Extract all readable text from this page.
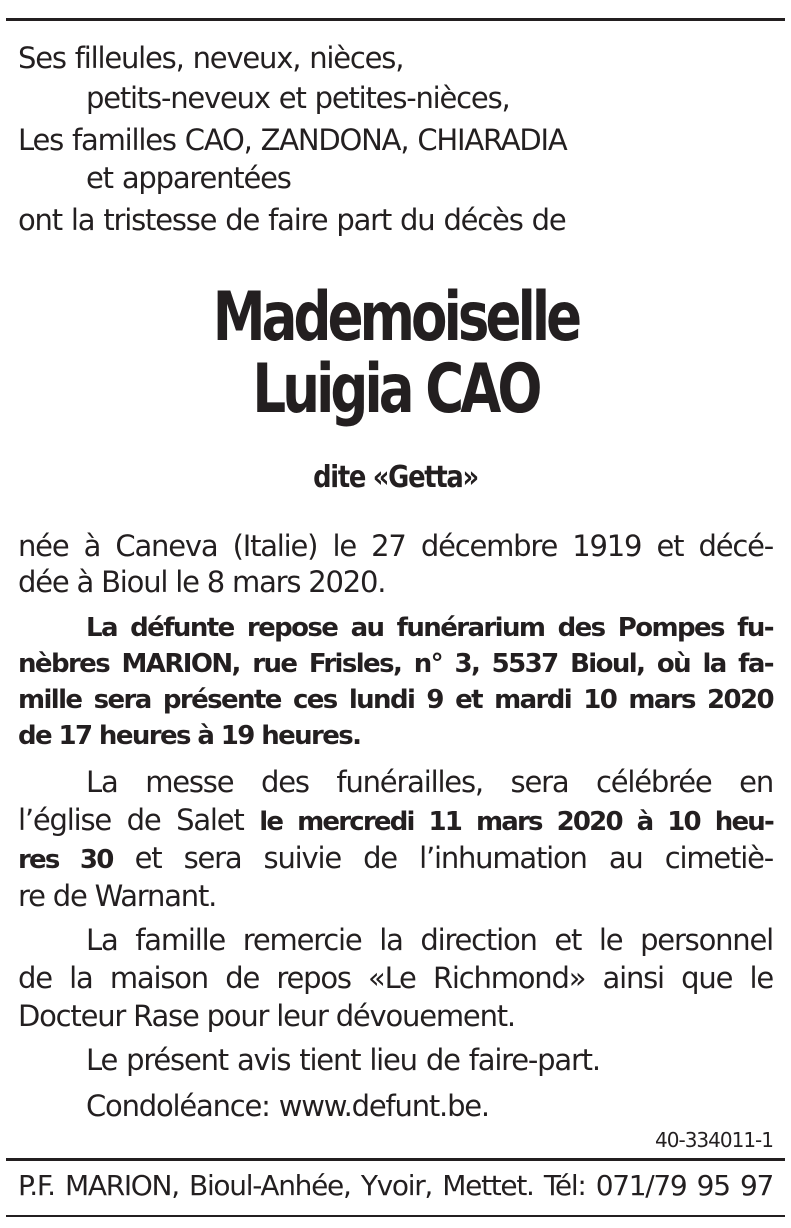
Ses filleules, neveux, nièces,
petits-neveux et petites-nièces,
Les familles CAO, ZANDONA, CHIARADIA
et apparentées
ont la tristesse de faire part du décès de
Mademoiselle
Luigia CAO
dite «Getta»
née à Caneva (Italie) le 27 décembre 1919 et décé-
dée à Bioul le 8 mars 2020.
La défunte repose au funérarium des Pompes fu-
nèbres MARION, rue Frisles, n° 3, 5537 Bioul, où la fa-
mille sera présente ces lundi 9 et mardi 10 mars 2020
de 17 heures à 19 heures.
La messe des funérailles, sera célébrée en
l’église de Salet le mercredi 11 mars 2020 à 10 heu-
res 30 et sera suivie de l’inhumation au cimetiè-
re de Warnant.
La famille remercie la direction et le personnel
de la maison de repos «Le Richmond» ainsi que le
Docteur Rase pour leur dévouement.
Le présent avis tient lieu de faire-part.
Condoléance: www.defunt.be.
40-334011-1
P.F. MARION, Bioul-Anhée, Yvoir, Mettet. Tél: 071/79 95 97
